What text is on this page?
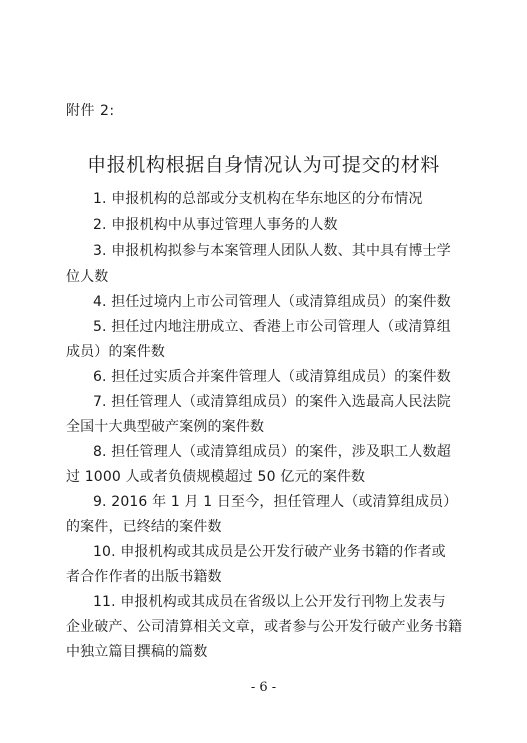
附件 2:
申报机构根据自身情况认为可提交的材料
1. 申报机构的总部或分支机构在华东地区的分布情况
2. 申报机构中从事过管理人事务的人数
3. 申报机构拟参与本案管理人团队人数、其中具有博士学
位人数
4. 担任过境内上市公司管理人（或清算组成员）的案件数
5. 担任过内地注册成立、香港上市公司管理人（或清算组
成员）的案件数
6. 担任过实质合并案件管理人（或清算组成员）的案件数
7. 担任管理人（或清算组成员）的案件入选最高人民法院
全国十大典型破产案例的案件数
8. 担任管理人（或清算组成员）的案件，涉及职工人数超
过 1000 人或者负债规模超过 50 亿元的案件数
9. 2016 年 1 月 1 日至今，担任管理人（或清算组成员）
的案件，已终结的案件数
10. 申报机构或其成员是公开发行破产业务书籍的作者或
者合作作者的出版书籍数
11. 申报机构或其成员在省级以上公开发行刊物上发表与
企业破产、公司清算相关文章，或者参与公开发行破产业务书籍
中独立篇目撰稿的篇数
- 6 -
